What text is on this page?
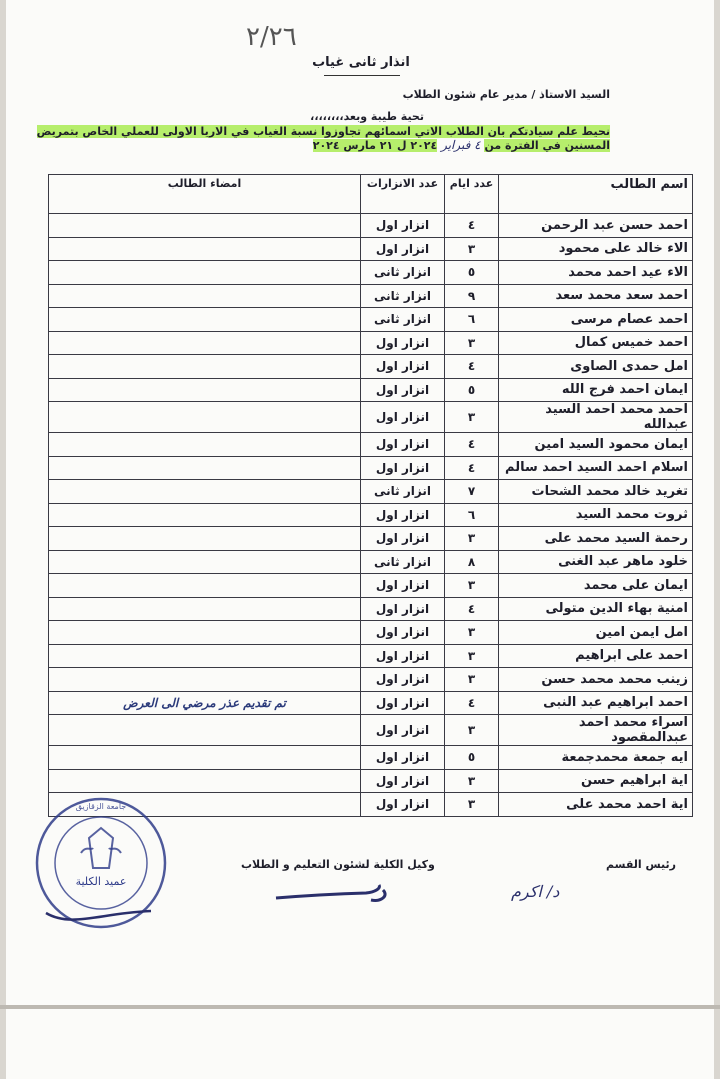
٢/٢٦
انذار ثانى غياب
السيد الاستاذ / مدير عام شئون الطلاب
تحية طيبة وبعد،،،،،،،،
نحيط علم سيادتكم بان الطلاب الاتي اسمائهم تجاوزوا نسبة الغياب في الاريا الاولى للعملي الخاص بتمريض
المسنين في الفترة من ٤ فبراير ٢٠٢٤ ل ٢١ مارس ٢٠٢٤
اسم الطالب	عدد ايام	عدد الانزارات	امضاء الطالب
احمد حسن عبد الرحمن	٤	انزار اول	
الاء خالد على محمود	٣	انزار اول	
الاء عيد احمد محمد	٥	انزار ثانى	
احمد سعد محمد سعد	٩	انزار ثانى	
احمد عصام مرسى	٦	انزار ثانى	
احمد خميس كمال	٣	انزار اول	
امل حمدى الصاوى	٤	انزار اول	
ايمان احمد فرج الله	٥	انزار اول	
احمد محمد احمد السيد عبدالله	٣	انزار اول	
ايمان محمود السيد امين	٤	انزار اول	
اسلام احمد السيد احمد سالم	٤	انزار اول	
تغريد خالد محمد الشحات	٧	انزار ثانى	
ثروت محمد السيد	٦	انزار اول	
رحمة السيد محمد على	٣	انزار اول	
خلود ماهر عبد الغنى	٨	انزار ثانى	
ايمان على محمد	٣	انزار اول	
امنية بهاء الدين متولى	٤	انزار اول	
امل ايمن امين	٣	انزار اول	
احمد على ابراهيم	٣	انزار اول	
زينب محمد محمد حسن	٣	انزار اول	
احمد ابراهيم عبد النبى	٤	انزار اول	تم تقديم عذر مرضي الى العرض
اسراء محمد احمد عبدالمقصود	٣	انزار اول	
ايه جمعة محمدجمعة	٥	انزار اول	
اية ابراهيم حسن	٣	انزار اول	
اية احمد محمد على	٣	انزار اول	
وكيل الكلية لشئون التعليم و الطلاب	رئيس القسم
د/ اكرم
عميد الكلية
جامعة الزقازيق
